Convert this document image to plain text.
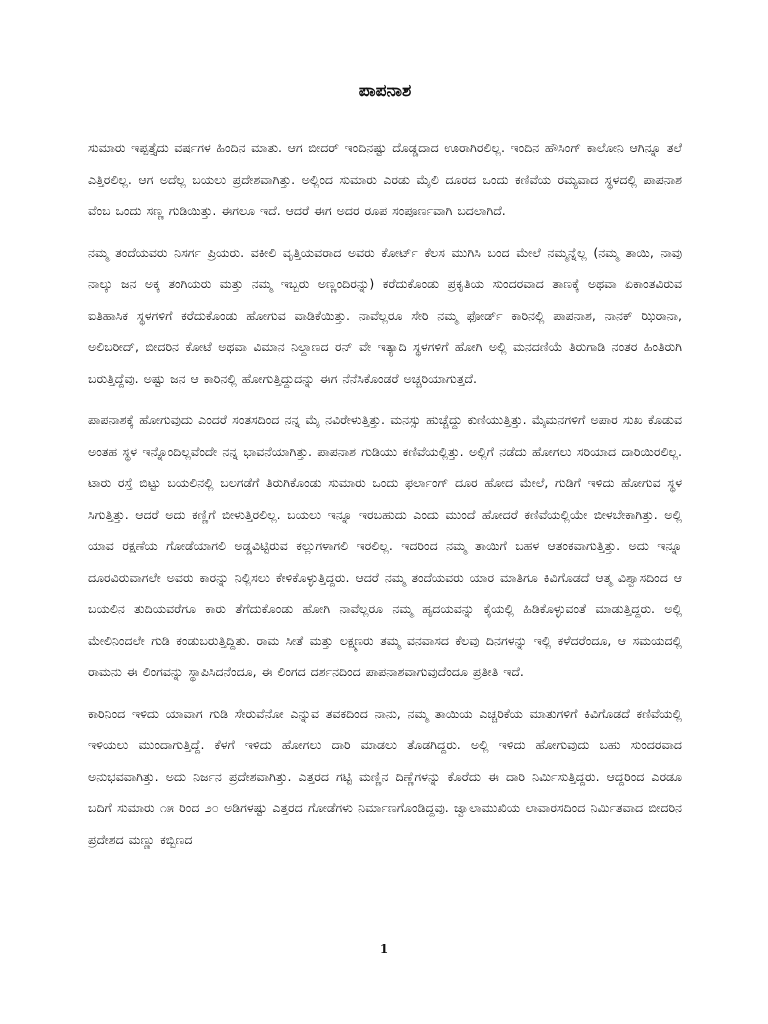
ಪಾಪನಾಶ

ಸುಮಾರು ಇಪ್ಪತ್ತೈದು ವರ್ಷಗಳ ಹಿಂದಿನ ಮಾತು. ಆಗ ಬೀದರ್ ಇಂದಿನಷ್ಟು ದೊಡ್ಡದಾದ ಊರಾಗಿರಲಿಲ್ಲ. ಇಂದಿನ ಹೌಸಿಂಗ್ ಕಾಲೋನಿ ಆಗಿನ್ನೂ ತಲೆ ಎತ್ತಿರಲಿಲ್ಲ. ಆಗ ಅದೆಲ್ಲ ಬಯಲು ಪ್ರದೇಶವಾಗಿತ್ತು. ಅಲ್ಲಿಂದ ಸುಮಾರು ಎರಡು ಮೈಲಿ ದೂರದ ಒಂದು ಕಣಿವೆಯ ರಮ್ಯವಾದ ಸ್ಥಳದಲ್ಲಿ ಪಾಪನಾಶ ವೆಂಬ ಒಂದು ಸಣ್ಣ ಗುಡಿಯಿತ್ತು. ಈಗಲೂ ಇದೆ. ಆದರೆ ಈಗ ಅದರ ರೂಪ ಸಂಪೂರ್ಣವಾಗಿ ಬದಲಾಗಿದೆ.

ನಮ್ಮ ತಂದೆಯವರು ನಿಸರ್ಗ ಪ್ರಿಯರು. ವಕೀಲಿ ವೃತ್ತಿಯವರಾದ ಅವರು ಕೋರ್ಟ್ ಕೆಲಸ ಮುಗಿಸಿ ಬಂದ ಮೇಲೆ ನಮ್ಮನ್ನೆಲ್ಲ (ನಮ್ಮ ತಾಯಿ, ನಾವು ನಾಲ್ಕು ಜನ ಅಕ್ಕ ತಂಗಿಯರು ಮತ್ತು ನಮ್ಮ ಇಬ್ಬರು ಅಣ್ಣಂದಿರನ್ನು) ಕರೆದುಕೊಂಡು ಪ್ರಕೃತಿಯ ಸುಂದರವಾದ ತಾಣಕ್ಕೆ ಅಥವಾ ಏಕಾಂತವಿರುವ ಐತಿಹಾಸಿಕ ಸ್ಥಳಗಳಿಗೆ ಕರೆದುಕೊಂಡು ಹೋಗುವ ವಾಡಿಕೆಯಿತ್ತು. ನಾವೆಲ್ಲರೂ ಸೇರಿ ನಮ್ಮ ಫೋರ್ಡ್ ಕಾರಿನಲ್ಲಿ ಪಾಪನಾಶ, ನಾನಕ್ ಝಿರಾನಾ, ಅಲಿಬರೀದ್, ಬೀದರಿನ ಕೋಟೆ ಅಥವಾ ವಿಮಾನ ನಿಲ್ದಾಣದ ರನ್ ವೇ ಇತ್ಯಾದಿ ಸ್ಥಳಗಳಿಗೆ ಹೋಗಿ ಅಲ್ಲಿ ಮನದಣಿಯೆ ತಿರುಗಾಡಿ ನಂತರ ಹಿಂತಿರುಗಿ ಬರುತ್ತಿದ್ದೆವು. ಅಷ್ಟು ಜನ ಆ ಕಾರಿನಲ್ಲಿ ಹೋಗುತ್ತಿದ್ದುದನ್ನು ಈಗ ನೆನೆಸಿಕೊಂಡರೆ ಅಚ್ಚರಿಯಾಗುತ್ತದೆ.

ಪಾಪನಾಶಕ್ಕೆ ಹೋಗುವುದು ಎಂದರೆ ಸಂತಸದಿಂದ ನನ್ನ ಮೈ ನವಿರೇಳುತ್ತಿತ್ತು. ಮನಸ್ಸು ಹುಚ್ಚೆದ್ದು ಕುಣಿಯುತ್ತಿತ್ತು. ಮೈಮನಗಳಿಗೆ ಅಪಾರ ಸುಖ ಕೊಡುವ ಅಂತಹ ಸ್ಥಳ ಇನ್ನೊಂದಿಲ್ಲವೆಂದೇ ನನ್ನ ಭಾವನೆಯಾಗಿತ್ತು. ಪಾಪನಾಶ ಗುಡಿಯು ಕಣಿವೆಯಲ್ಲಿತ್ತು. ಅಲ್ಲಿಗೆ ನಡೆದು ಹೋಗಲು ಸರಿಯಾದ ದಾರಿಯಿರಲಿಲ್ಲ. ಟಾರು ರಸ್ತೆ ಬಿಟ್ಟು ಬಯಲಿನಲ್ಲಿ ಬಲಗಡೆಗೆ ತಿರುಗಿಕೊಂಡು ಸುಮಾರು ಒಂದು ಫರ್ಲಾಂಗ್ ದೂರ ಹೋದ ಮೇಲೆ, ಗುಡಿಗೆ ಇಳಿದು ಹೋಗುವ ಸ್ಥಳ ಸಿಗುತ್ತಿತ್ತು. ಆದರೆ ಅದು ಕಣ್ಣಿಗೆ ಬೀಳುತ್ತಿರಲಿಲ್ಲ. ಬಯಲು ಇನ್ನೂ ಇರಬಹುದು ಎಂದು ಮುಂದೆ ಹೋದರೆ ಕಣಿವೆಯಲ್ಲಿಯೇ ಬೀಳಬೇಕಾಗಿತ್ತು. ಅಲ್ಲಿ ಯಾವ ರಕ್ಷಣೆಯ ಗೋಡೆಯಾಗಲಿ ಅಡ್ಡವಿಟ್ಟಿರುವ ಕಲ್ಲುಗಳಾಗಲಿ ಇರಲಿಲ್ಲ. ಇದರಿಂದ ನಮ್ಮ ತಾಯಿಗೆ ಬಹಳ ಆತಂಕವಾಗುತ್ತಿತ್ತು. ಅದು ಇನ್ನೂ ದೂರವಿರುವಾಗಲೇ ಅವರು ಕಾರನ್ನು ನಿಲ್ಲಿಸಲು ಕೇಳಿಕೊಳ್ಳುತ್ತಿದ್ದರು. ಆದರೆ ನಮ್ಮ ತಂದೆಯವರು ಯಾರ ಮಾತಿಗೂ ಕಿವಿಗೊಡದೆ ಆತ್ಮ ವಿಶ್ವಾಸದಿಂದ ಆ ಬಯಲಿನ ತುದಿಯವರೆಗೂ ಕಾರು ತೆಗೆದುಕೊಂಡು ಹೋಗಿ ನಾವೆಲ್ಲರೂ ನಮ್ಮ ಹೃದಯವನ್ನು ಕೈಯಲ್ಲಿ ಹಿಡಿಕೊಳ್ಳುವಂತೆ ಮಾಡುತ್ತಿದ್ದರು. ಅಲ್ಲಿ ಮೇಲಿನಿಂದಲೇ ಗುಡಿ ಕಂಡುಬರುತ್ತಿದ್ದಿತು. ರಾಮ ಸೀತೆ ಮತ್ತು ಲಕ್ಷ್ಮಣರು ತಮ್ಮ ವನವಾಸದ ಕೆಲವು ದಿನಗಳನ್ನು ಇಲ್ಲಿ ಕಳೆದರೆಂದೂ, ಆ ಸಮಯದಲ್ಲಿ ರಾಮನು ಈ ಲಿಂಗವನ್ನು ಸ್ಥಾಪಿಸಿದನೆಂದೂ, ಈ ಲಿಂಗದ ದರ್ಶನದಿಂದ ಪಾಪನಾಶವಾಗುವುದೆಂದೂ ಪ್ರತೀತಿ ಇದೆ.

ಕಾರಿನಿಂದ ಇಳಿದು ಯಾವಾಗ ಗುಡಿ ಸೇರುವೆನೋ ಎನ್ನುವ ತವಕದಿಂದ ನಾನು, ನಮ್ಮ ತಾಯಿಯ ಎಚ್ಚರಿಕೆಯ ಮಾತುಗಳಿಗೆ ಕಿವಿಗೊಡದೆ ಕಣಿವೆಯಲ್ಲಿ ಇಳಿಯಲು ಮುಂದಾಗುತ್ತಿದ್ದೆ. ಕೆಳಗೆ ಇಳಿದು ಹೋಗಲು ದಾರಿ ಮಾಡಲು ತೊಡಗಿದ್ದರು. ಅಲ್ಲಿ ಇಳಿದು ಹೋಗುವುದು ಬಹು ಸುಂದರವಾದ ಅನುಭವವಾಗಿತ್ತು. ಅದು ನಿರ್ಜನ ಪ್ರದೇಶವಾಗಿತ್ತು. ಎತ್ತರದ ಗಟ್ಟಿ ಮಣ್ಣಿನ ದಿಣ್ಣೆಗಳನ್ನು ಕೊರೆದು ಈ ದಾರಿ ನಿರ್ಮಿಸುತ್ತಿದ್ದರು. ಆದ್ದರಿಂದ ಎರಡೂ ಬದಿಗೆ ಸುಮಾರು ೧೫ ರಿಂದ ೨೦ ಅಡಿಗಳಷ್ಟು ಎತ್ತರದ ಗೋಡೆಗಳು ನಿರ್ಮಾಣಗೊಂಡಿದ್ದವು. ಜ್ವಾಲಾಮುಖಿಯ ಲಾವಾರಸದಿಂದ ನಿರ್ಮಿತವಾದ ಬೀದರಿನ ಪ್ರದೇಶದ ಮಣ್ಣು ಕಬ್ಬಿಣದ

1
